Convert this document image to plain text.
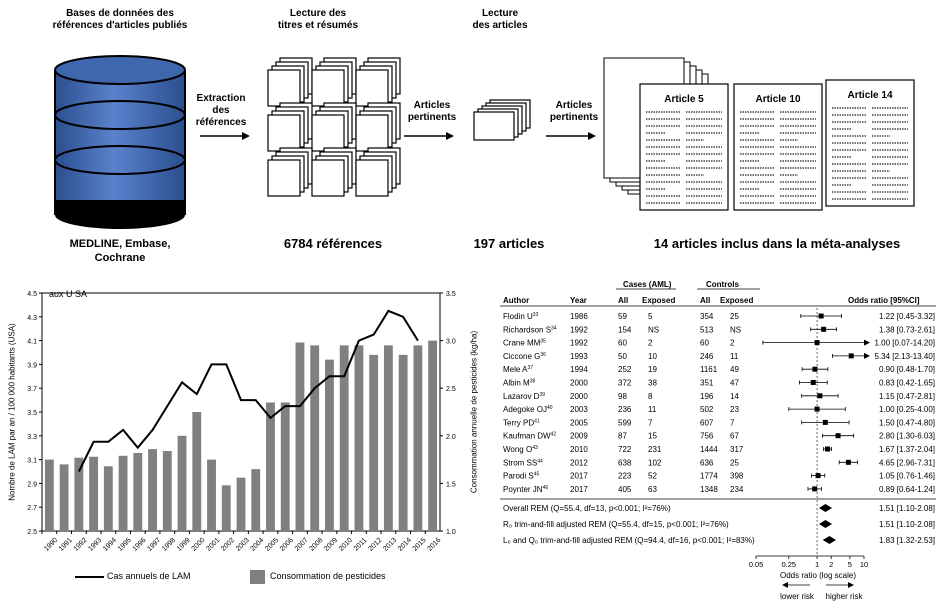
Bases de données des références d'articles publiés
Lecture des
titres et résumés
Lecture
des articles
Article 5	Article 10	Article 14
Extraction
des
références
Articles
pertinents
Articles
pertinents
MEDLINE, Embase,
Cochrane
6784 références	197 articles	14 articles inclus dans la méta-analyses
2.5
2.7
2.9
3.1
3.3
3.5
3.7
3.9
4.1
4.3
4.5
1.0
1.5
2.0
2.5
3.0
3.5
1990
1991
1992
1993
1994
1995
1996
1997
1998
1999
2000
2001
2002
2003
2004
2005
2006
2007
2008
2009
2010
2011
2012
2013
2014
2015
2016
aux U SA
Nombre de LAM par an / 100 000 habitants (USA)	Consommation annuelle de pesticides (kg/ha)
Cas annuels de LAM	Consommation de pesticides
Cases (AML)	Controls
Author	Year	All Exposed	All Exposed	Odds ratio [95%CI]
Flodin $U^{33}$	1986	59	5	354 25	1.22 [0.45-3.32]
Richardson $S^{34}$ 1992	154 NS	513 NS	1.38 [0.73-2.61]
Crane MM$^{35}$	1992	60	2	60	2	1.00 [0.07-14.20]
Ciccone $G^{36}$	1993	50	10	246 11	5.34 [2.13-13.40]
Mele $A^{37}$	1994	252 19	1161 49	0.90 [0.48-1.70]
Albin $M^{38}$	2000	372 38	351 47	0.83 [0.42-1.65]
Lazarov $D^{39}$	2000	98	8	196 14	1.15 [0.47-2.81]
Adegoke OJ$^{40}$ 2003	236 11	502 23	1.00 [0.25-4.00]
Terry PD$^{41}$	2005	599 7	607 7	1.50 [0.47-4.80]
Kaufman DW$^{42}$ 2009	87	15	756 67	2.80 [1.30-6.03]
Wong $O^{43}$	2010	722 231	1444 317	1.67 [1.37-2.04]
Strom SS$^{44}$	2012	638 102	636 25	4.65 [2.96-7.31]
Parodi $S^{45}$	2017	223 52	1774 398	1.05 [0.76-1.46]
Poynter JN$^{46}$	2017	405 63	1348 234	0.89 [0.64-1.24]
Overall REM (Q=55.4, df=13, p<0.001; I²=76%)	1.51 [1.10-2.08]
R₀ trim-and-fill adjusted REM (Q=55.4, df=15, p<0.001; I²=76%)	1.51 [1.10-2.08]
L₀ and Q₀ trim-and-fill adjusted REM (Q=94.4, df=16, p<0.001; I²=83%)	1.83 [1.32-2.53]
0.05 0.25	1 2 5 10
Odds ratio (log scale)
lower risk higher risk
